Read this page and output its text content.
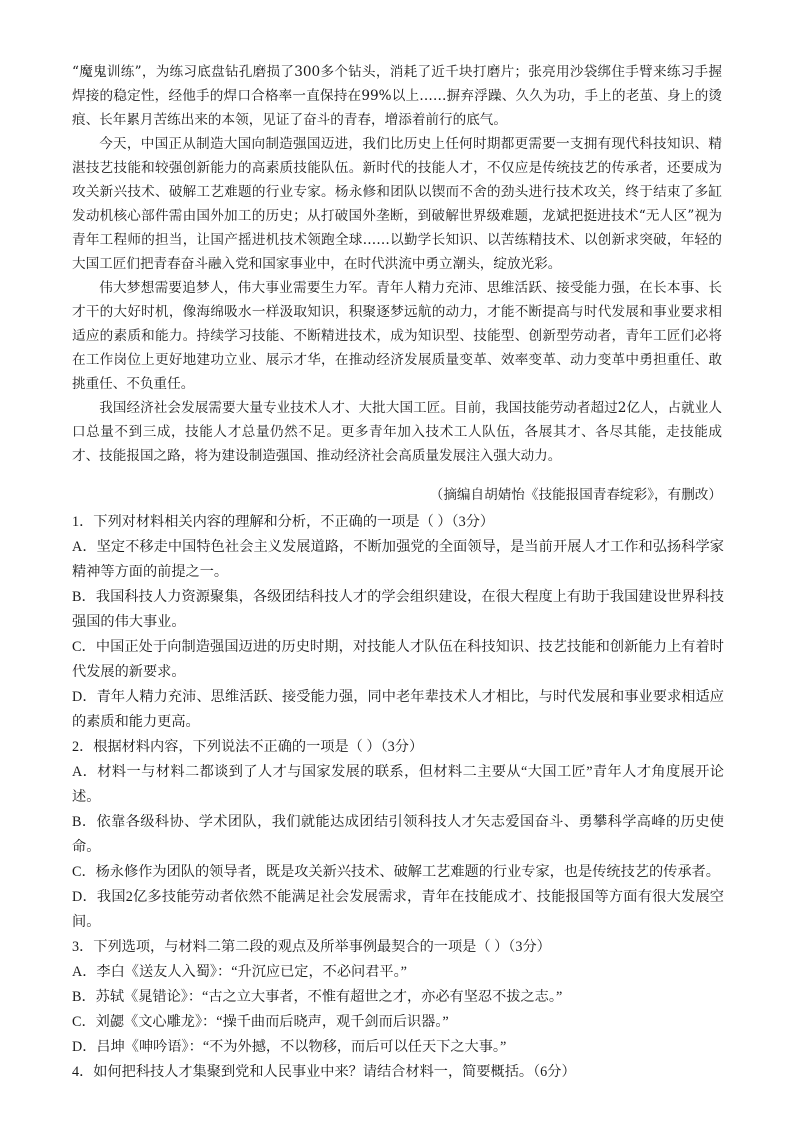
“魔鬼训练”，为练习底盘钻孔磨损了300多个钻头，消耗了近千块打磨片；张亮用沙袋绑住手臂来练习手握焊接的稳定性，经他手的焊口合格率一直保持在99%以上……摒弃浮躁、久久为功，手上的老茧、身上的烫痕、长年累月苦练出来的本领，见证了奋斗的青春，增添着前行的底气。

今天，中国正从制造大国向制造强国迈进，我们比历史上任何时期都更需要一支拥有现代科技知识、精湛技艺技能和较强创新能力的高素质技能队伍。新时代的技能人才，不仅应是传统技艺的传承者，还要成为攻关新兴技术、破解工艺难题的行业专家。杨永修和团队以锲而不舍的劲头进行技术攻关，终于结束了多缸发动机核心部件需由国外加工的历史；从打破国外垄断，到破解世界级难题，龙斌把挺进技术“无人区”视为青年工程师的担当，让国产摇进机技术领跑全球……以勤学长知识、以苦练精技术、以创新求突破，年轻的大国工匠们把青春奋斗融入党和国家事业中，在时代洪流中勇立潮头，绽放光彩。

伟大梦想需要追梦人，伟大事业需要生力军。青年人精力充沛、思维活跃、接受能力强，在长本事、长才干的大好时机，像海绵吸水一样汲取知识，积聚逐梦远航的动力，才能不断提高与时代发展和事业要求相适应的素质和能力。持续学习技能、不断精进技术，成为知识型、技能型、创新型劳动者，青年工匠们必将在工作岗位上更好地建功立业、展示才华，在推动经济发展质量变革、效率变革、动力变革中勇担重任、敢挑重任、不负重任。

我国经济社会发展需要大量专业技术人才、大批大国工匠。目前，我国技能劳动者超过2亿人，占就业人口总量不到三成，技能人才总量仍然不足。更多青年加入技术工人队伍，各展其才、各尽其能，走技能成才、技能报国之路，将为建设制造强国、推动经济社会高质量发展注入强大动力。

（摘编自胡婧怡《技能报国青春绽彩》，有删改）

1．下列对材料相关内容的理解和分析，不正确的一项是（ ）（3分）

A．坚定不移走中国特色社会主义发展道路，不断加强党的全面领导，是当前开展人才工作和弘扬科学家精神等方面的前提之一。

B．我国科技人力资源聚集，各级团结科技人才的学会组织建设，在很大程度上有助于我国建设世界科技强国的伟大事业。

C．中国正处于向制造强国迈进的历史时期，对技能人才队伍在科技知识、技艺技能和创新能力上有着时代发展的新要求。

D．青年人精力充沛、思维活跃、接受能力强，同中老年辈技术人才相比，与时代发展和事业要求相适应的素质和能力更高。

2．根据材料内容，下列说法不正确的一项是（ ）（3分）

A．材料一与材料二都谈到了人才与国家发展的联系，但材料二主要从“大国工匠”青年人才角度展开论述。

B．依靠各级科协、学术团队，我们就能达成团结引领科技人才矢志爱国奋斗、勇攀科学高峰的历史使命。

C．杨永修作为团队的领导者，既是攻关新兴技术、破解工艺难题的行业专家，也是传统技艺的传承者。

D．我国2亿多技能劳动者依然不能满足社会发展需求，青年在技能成才、技能报国等方面有很大发展空间。

3．下列选项，与材料二第二段的观点及所举事例最契合的一项是（ ）（3分）

A．李白《送友人入蜀》：“升沉应已定，不必问君平。”

B．苏轼《晁错论》：“古之立大事者，不惟有超世之才，亦必有坚忍不拔之志。”

C．刘勰《文心雕龙》：“操千曲而后晓声，观千剑而后识器。”

D．吕坤《呻吟语》：“不为外撼，不以物移，而后可以任天下之大事。”

4．如何把科技人才集聚到党和人民事业中来？请结合材料一，简要概括。（6分）
